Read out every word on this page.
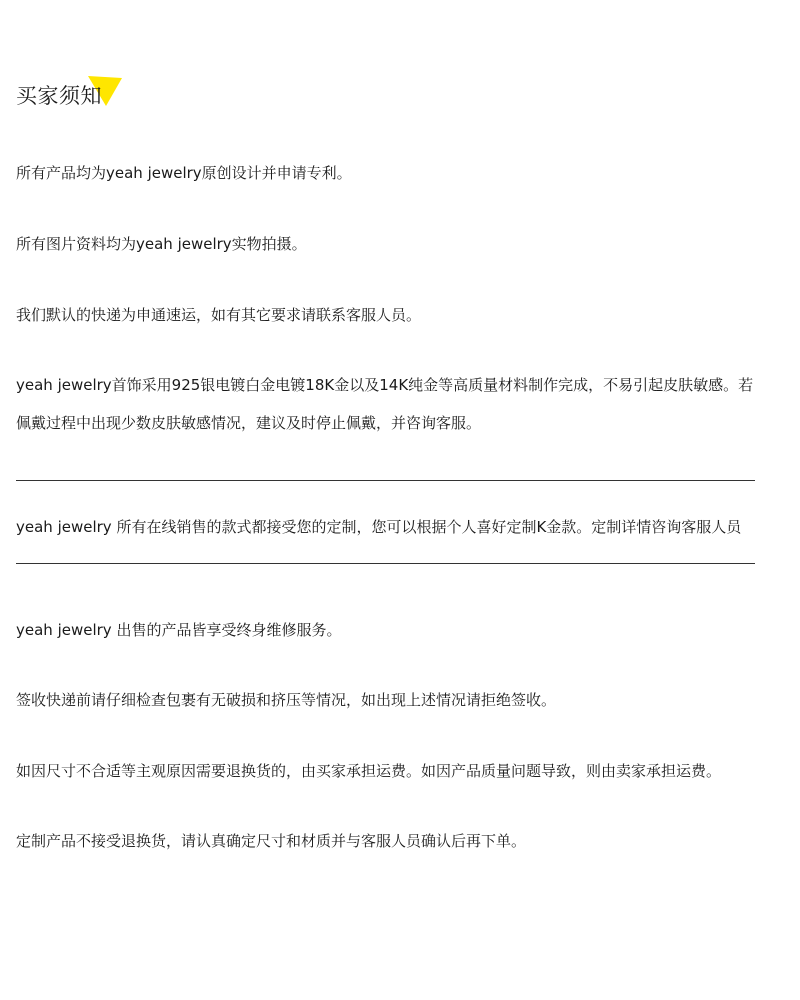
买家须知

所有产品均为yeah jewelry原创设计并申请专利。

所有图片资料均为yeah jewelry实物拍摄。

我们默认的快递为申通速运，如有其它要求请联系客服人员。

yeah jewelry首饰采用925银电镀白金电镀18K金以及14K纯金等高质量材料制作完成，不易引起皮肤敏感。若佩戴过程中出现少数皮肤敏感情况，建议及时停止佩戴，并咨询客服。

yeah jewelry 所有在线销售的款式都接受您的定制，您可以根据个人喜好定制K金款。定制详情咨询客服人员

yeah jewelry 出售的产品皆享受终身维修服务。

签收快递前请仔细检查包裹有无破损和挤压等情况，如出现上述情况请拒绝签收。

如因尺寸不合适等主观原因需要退换货的，由买家承担运费。如因产品质量问题导致，则由卖家承担运费。

定制产品不接受退换货，请认真确定尺寸和材质并与客服人员确认后再下单。
